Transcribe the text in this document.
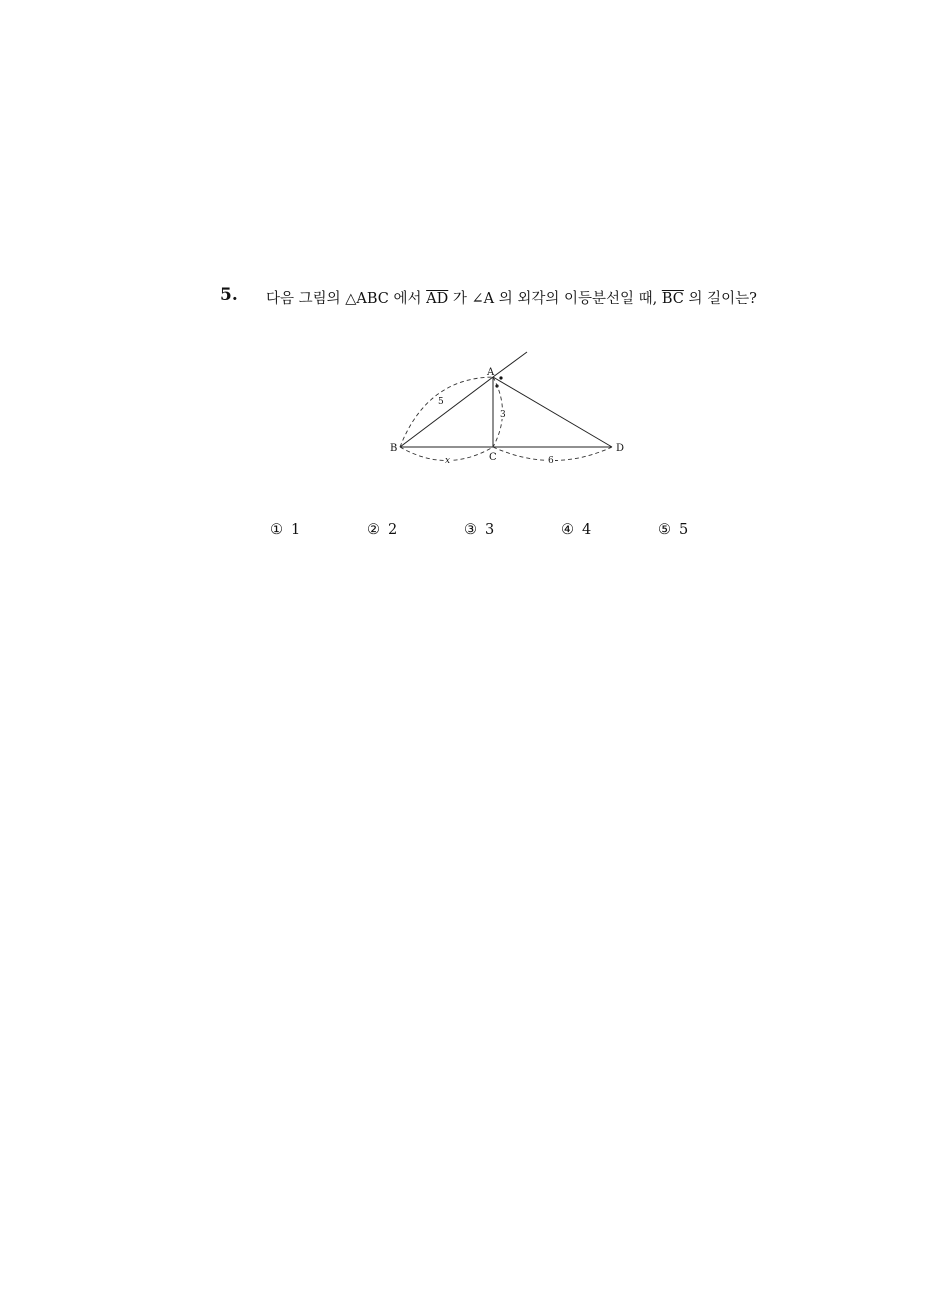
5. 다음 그림의 △ABC 에서 $\overline{AD}$ 가 ∠A 의 외각의 이등분선일 때, $\overline{BC}$ 의 길이는?
A
B
C
D
5
3
x	6
① 1	② 2	③ 3	④ 4	⑤ 5
